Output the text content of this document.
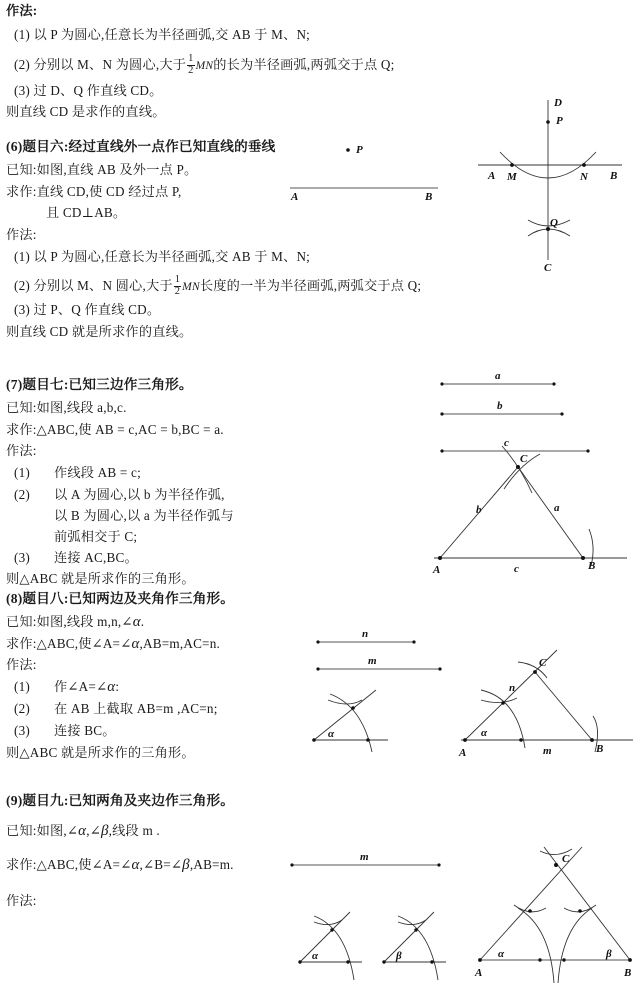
作法:
(1) 以 P 为圆心,任意长为半径画弧,交 AB 于 M、N;
(2) 分别以 M、N 为圆心,大于 $\frac{1}{2}$ MN的长为半径画弧,两弧交于点 Q;
(3) 过 D、Q 作直线 CD。
则直线 CD 是求作的直线。
(6)题目六:经过直线外一点作已知直线的垂线
已知:如图,直线 AB 及外一点 P。
求作:直线 CD,使 CD 经过点 P,
且 CD⊥AB。
作法:
(1) 以 P 为圆心,任意长为半径画弧,交 AB 于 M、N;
(2) 分别以 M、N 圆心,大于 $\frac{1}{2}$ MN长度的一半为半径画弧,两弧交于点 Q;
(3) 过 P、Q 作直线 CD。
则直线 CD 就是所求作的直线。
P
A	B
D
P
A M	N B
Q
C
(7)题目七:已知三边作三角形。
已知:如图,线段 a,b,c.
求作:△ABC,使 AB = c,AC = b,BC = a.
作法:
(1) 作线段 AB = c;
(2) 以 A 为圆心,以 b 为半径作弧,
以 B 为圆心,以 a 为半径作弧与
前弧相交于 C;
(3) 连接 AC,BC。
则△ABC 就是所求作的三角形。
a
b
c
A	B
C
b	a
c
(8)题目八:已知两边及夹角作三角形。
已知:如图,线段 m,n,∠α.
求作:△ABC,使∠A=∠α,AB=m,AC=n.
作法:
(1) 作∠A=∠α:
(2) 在 AB 上截取 AB=m ,AC=n;
(3) 连接 BC。
则△ABC 就是所求作的三角形。
n
m
α
A	B
C
α
n
m
(9)题目九:已知两角及夹边作三角形。
已知:如图,∠α,∠β,线段 m .
求作:△ABC,使∠A=∠α,∠B=∠β,AB=m.
作法:
m
α	β
A	B
C
α	β
